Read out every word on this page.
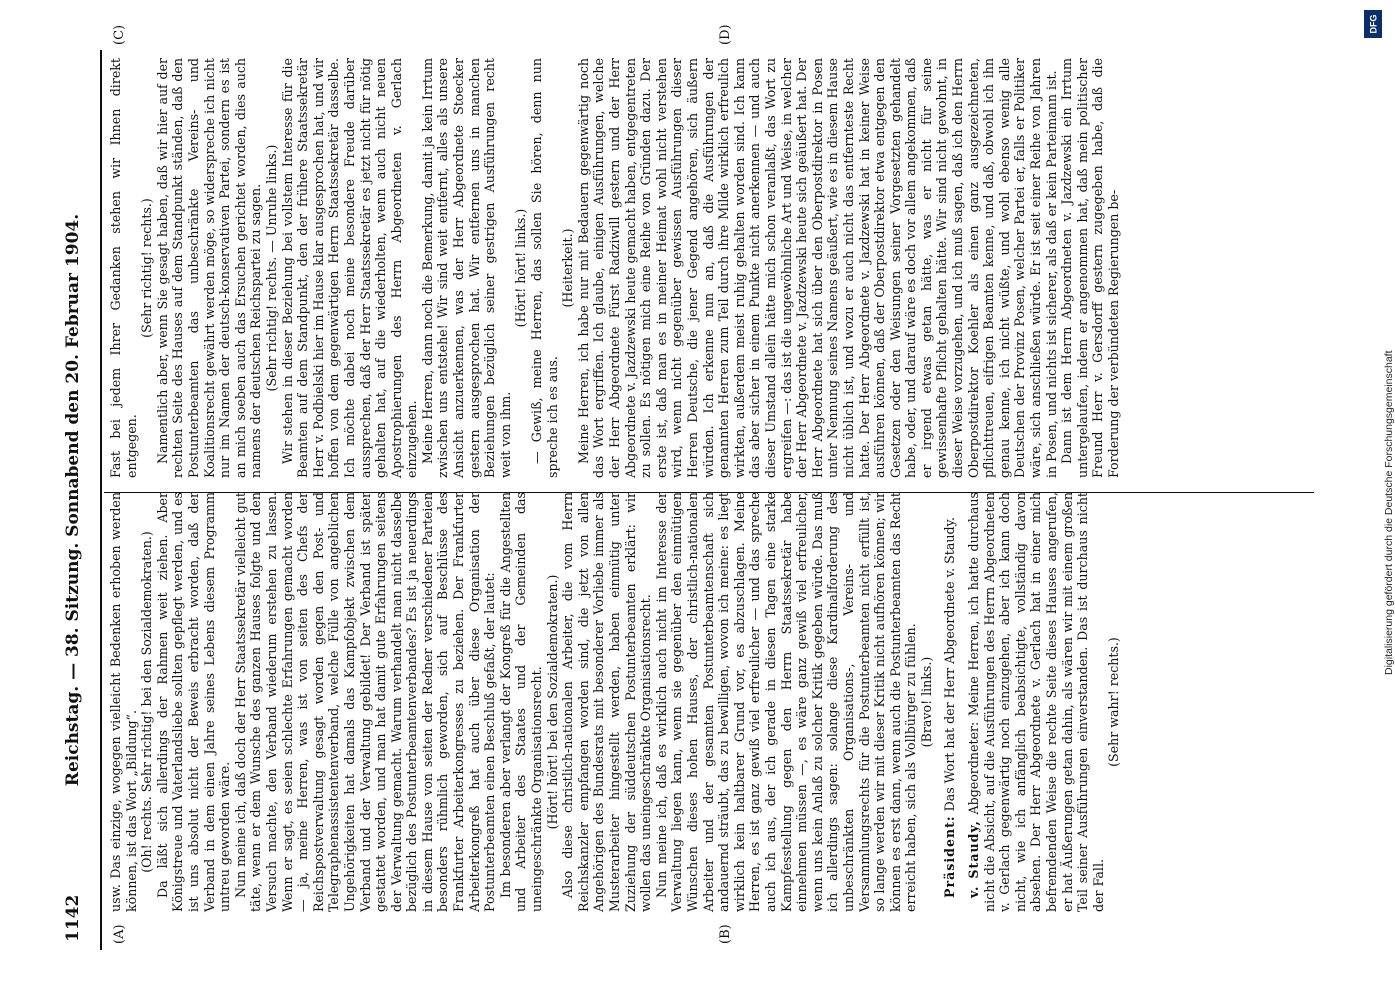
1142
Reichstag. — 38. Sitzung. Sonnabend den 20. Februar 1904.
(A)	(B)
(C)	(D)

usw. Das einzige, wogegen vielleicht Bedenken erhoben werden können, ist das Wort „Bildung“. (Oh! rechts. Sehr richtig! bei den Sozialdemokraten.) Da läßt sich allerdings der Rahmen weit ziehen. Aber Königstreue und Vaterlandsliebe sollten gepflegt werden, und es ist uns absolut nicht der Beweis erbracht worden, daß der Verband in dem einen Jahre seines Lebens diesem Programm untreu geworden wäre. Nun meine ich, daß doch der Herr Staatssekretär vielleicht gut täte, wenn er dem Wunsche des ganzen Hauses folgte und den Versuch machte, den Verband wiederum erstehen zu lassen. Wenn er sagt, es seien schlechte Erfahrungen gemacht worden — ja, meine Herren, was ist von seiten des Chefs der Reichspostverwaltung gesagt worden gegen den Post- und Telegraphenassistentenverband, welche Fülle von angeblichen Ungehörigkeiten hat damals das Kampfobjekt zwischen dem Verband und der Verwaltung gebildet! Der Verband ist später gestattet worden, und man hat damit gute Erfahrungen seitens der Verwaltung gemacht. Warum verhandelt man nicht dasselbe bezüglich des Postunterbeamtenverbandes? Es ist ja neuerdings in diesem Hause von seiten der Redner verschiedener Parteien besonders rühmlich geworden, sich auf Beschlüsse des Frankfurter Arbeiterkongresses zu beziehen. Der Frankfurter Arbeiterkongreß hat auch über diese Organisation der Postunterbeamten einen Beschluß gefaßt, der lautet: Im besonderen aber verlangt der Kongreß für die Angestellten und Arbeiter des Staates und der Gemeinden das uneingeschränkte Organisationsrecht. (Hört! hört! bei den Sozialdemokraten.) Also diese christlich-nationalen Arbeiter, die vom Herrn Reichskanzler empfangen worden sind, die jetzt von allen Angehörigen des Bundesrats mit besonderer Vorliebe immer als Musterarbeiter hingestellt werden, haben einmütig unter Zuziehung der süddeutschen Postunterbeamten erklärt: wir wollen das uneingeschränkte Organisationsrecht. Nun meine ich, daß es wirklich auch nicht im Interesse der Verwaltung liegen kann, wenn sie gegenüber den einmütigen Wünschen dieses hohen Hauses, der christlich-nationalen Arbeiter und der gesamten Postunterbeamtenschaft sich andauernd sträubt, das zu bewilligen, wovon ich meine: es liegt wirklich kein haltbarer Grund vor, es abzuschlagen. Meine Herren, es ist ganz gewiß viel erfreulicher — und das spreche auch ich aus, der ich gerade in diesen Tagen eine starke Kampfesstellung gegen den Herrn Staatssekretär habe einnehmen müssen —, es wäre ganz gewiß viel erfreulicher, wenn uns kein Anlaß zu solcher Kritik gegeben würde. Das muß ich allerdings sagen: solange diese Kardinalforderung des unbeschränkten Organisations-, Vereins- und Versammlungsrechts für die Postunterbeamten nicht erfüllt ist, so lange werden wir mit dieser Kritik nicht aufhören können; wir können es erst dann, wenn auch die Postunterbeamten das Recht erreicht haben, sich als Vollbürger zu fühlen. (Bravo! links.)

Präsident: Das Wort hat der Herr Abgeordnete v. Staudy.

v. Staudy, Abgeordneter: Meine Herren, ich hatte durchaus nicht die Absicht, auf die Ausführungen des Herrn Abgeordneten v. Gerlach gegenwärtig noch einzugehen, aber ich kann doch nicht, wie ich anfänglich beabsichtigte, vollständig davon absehen. Der Herr Abgeordnete v. Gerlach hat in einer mich befremdenden Weise die rechte Seite dieses Hauses angerufen, er hat Äußerungen getan dahin, als wären wir mit einem großen Teil seiner Ausführungen einverstanden. Das ist durchaus nicht der Fall.

(Sehr wahr! rechts.)

Fast bei jedem Ihrer Gedanken stehen wir Ihnen direkt entgegen.

(Sehr richtig! rechts.) Namentlich aber, wenn Sie gesagt haben, daß wir hier auf der rechten Seite des Hauses auf dem Standpunkt ständen, daß den Postunterbeamten das unbeschränkte Vereins- und Koalitionsrecht gewährt werden möge, so widerspreche ich nicht nur im Namen der deutsch-konservativen Partei, sondern es ist an mich soeben auch das Ersuchen gerichtet worden, dies auch namens der deutschen Reichspartei zu sagen. (Sehr richtig! rechts. — Unruhe links.) Wir stehen in dieser Beziehung bei vollstem Interesse für die Beamten auf dem Standpunkt, den der frühere Staatssekretär Herr v. Podbielski hier im Hause klar ausgesprochen hat, und wir hoffen von dem gegenwärtigen Herrn Staatssekretär dasselbe. Ich möchte dabei noch meine besondere Freude darüber aussprechen, daß der Herr Staatssekretär es jetzt nicht für nötig gehalten hat, auf die wiederholten, wenn auch nicht neuen Apostrophierungen des Herrn Abgeordneten v. Gerlach einzugehen. Meine Herren, dann noch die Bemerkung, damit ja kein Irrtum zwischen uns entstehe! Wir sind weit entfernt, alles als unsere Ansicht anzuerkennen, was der Herr Abgeordnete Stoecker gestern ausgesprochen hat. Wir entfernen uns in manchen Beziehungen bezüglich seiner gestrigen Ausführungen recht weit von ihm.

(Hört! hört! links.) — Gewiß, meine Herren, das sollen Sie hören, denn nun spreche ich es aus.

(Heiterkeit.) Meine Herren, ich habe nur mit Bedauern gegenwärtig noch das Wort ergriffen. Ich glaube, einigen Ausführungen, welche der Herr Abgeordnete Fürst Radziwill gestern und der Herr Abgeordnete v. Jazdzewski heute gemacht haben, entgegentreten zu sollen. Es nötigen mich eine Reihe von Gründen dazu. Der erste ist, daß man es in meiner Heimat wohl nicht verstehen wird, wenn nicht gegenüber gewissen Ausführungen dieser Herren Deutsche, die jener Gegend angehören, sich äußern würden. Ich erkenne nun an, daß die Ausführungen der genannten Herren zum Teil durch ihre Milde wirklich erfreulich wirkten, außerdem meist ruhig gehalten worden sind. Ich kann das aber sicher in einem Punkte nicht anerkennen — und auch dieser Umstand allein hätte mich schon veranlaßt, das Wort zu ergreifen —: das ist die ungewöhnliche Art und Weise, in welcher der Herr Abgeordnete v. Jazdzewski heute sich geäußert hat. Der Herr Abgeordnete hat sich über den Oberpostdirektor in Posen unter Nennung seines Namens geäußert, wie es in diesem Hause nicht üblich ist, und wozu er auch nicht das entfernteste Recht hatte. Der Herr Abgeordnete v. Jazdzewski hat in keiner Weise ausführen können, daß der Oberpostdirektor etwa entgegen den Gesetzen oder den Weisungen seiner Vorgesetzten gehandelt habe, oder, und darauf wäre es doch vor allem angekommen, daß er irgend etwas getan hätte, was er nicht für seine gewissenhafte Pflicht gehalten hätte. Wir sind nicht gewohnt, in dieser Weise vorzugehen, und ich muß sagen, daß ich den Herrn Oberpostdirektor Koehler als einen ganz ausgezeichneten, pflichttreuen, eifrigen Beamten kenne, und daß, obwohl ich ihn genau kenne, ich nicht wüßte, und wohl ebenso wenig alle Deutschen der Provinz Posen, welcher Partei er, falls er Politiker wäre, sich anschließen würde. Er ist seit einer Reihe von Jahren in Posen, und nichts ist sicherer, als daß er kein Parteimann ist. Dann ist dem Herrn Abgeordneten v. Jazdzewski ein Irrtum untergelaufen, indem er angenommen hat, daß mein politischer Freund Herr v. Gersdorff gestern zugegeben habe, daß die Forderung der verbündeten Regierungen be-

DFG
Digitalisierung gefördert durch die Deutsche Forschungsgemeinschaft
